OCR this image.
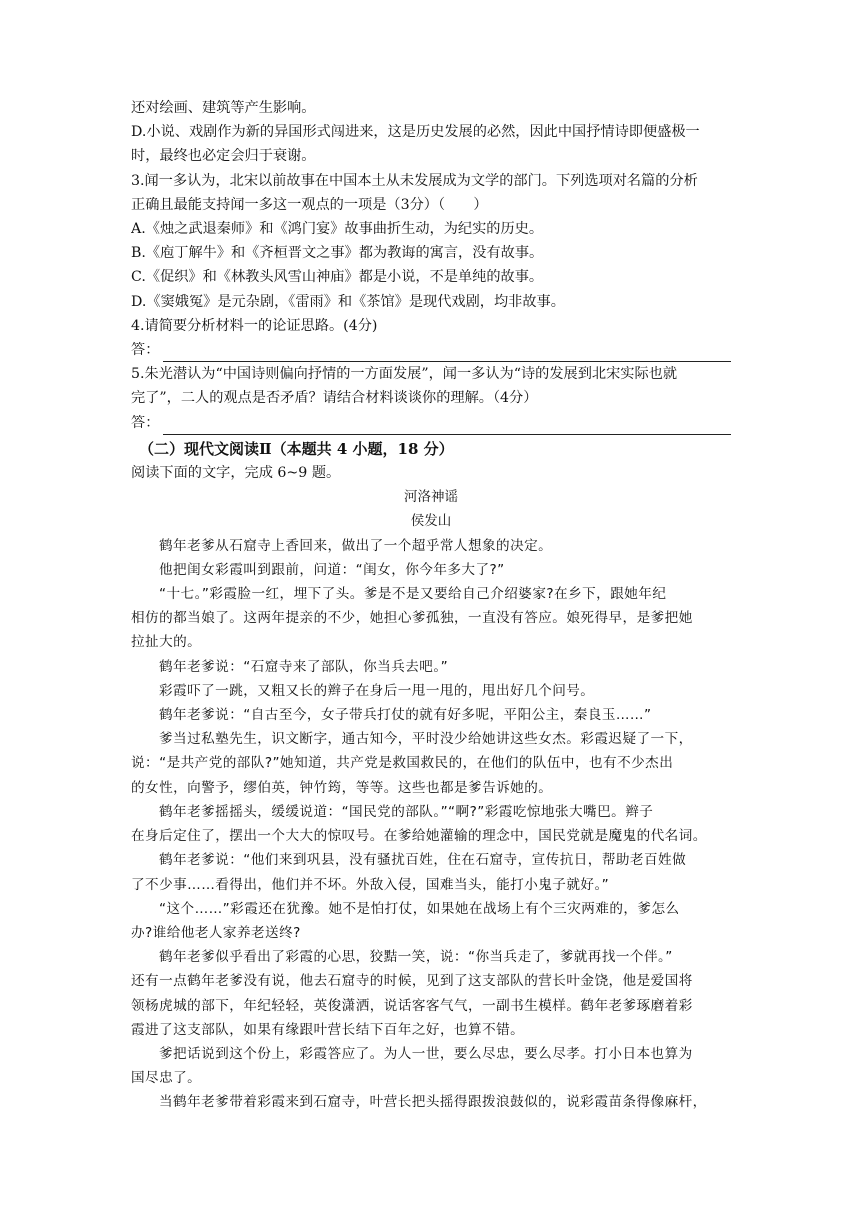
还对绘画、建筑等产生影响。
D.小说、戏剧作为新的异国形式闯进来，这是历史发展的必然，因此中国抒情诗即便盛极一
时，最终也必定会归于衰谢。
3.闻一多认为，北宋以前故事在中国本土从未发展成为文学的部门。下列选项对名篇的分析
正确且最能支持闻一多这一观点的一项是（3分）（　　）
A.《烛之武退秦师》和《鸿门宴》故事曲折生动，为纪实的历史。
B.《庖丁解牛》和《齐桓晋文之事》都为教诲的寓言，没有故事。
C.《促织》和《林教头风雪山神庙》都是小说，不是单纯的故事。
D.《窦娥冤》是元杂剧，《雷雨》和《茶馆》是现代戏剧，均非故事。
4.请简要分析材料一的论证思路。(4分)
答：
5.朱光潜认为“中国诗则偏向抒情的一方面发展”，闻一多认为“诗的发展到北宋实际也就
完了”，二人的观点是否矛盾？请结合材料谈谈你的理解。（4分）
答：
（二）现代文阅读Ⅱ（本题共 4 小题，18 分）
阅读下面的文字，完成 6~9 题。
河洛神谣
侯发山
鹤年老爹从石窟寺上香回来，做出了一个超乎常人想象的决定。
他把闺女彩霞叫到跟前，问道：“闺女，你今年多大了?”
“十七。”彩霞脸一红，埋下了头。爹是不是又要给自己介绍婆家?在乡下，跟她年纪
相仿的都当娘了。这两年提亲的不少，她担心爹孤独，一直没有答应。娘死得早，是爹把她
拉扯大的。
鹤年老爹说：“石窟寺来了部队，你当兵去吧。”
彩霞吓了一跳，又粗又长的辫子在身后一甩一甩的，甩出好几个问号。
鹤年老爹说：“自古至今，女子带兵打仗的就有好多呢，平阳公主，秦良玉……”
爹当过私塾先生，识文断字，通古知今，平时没少给她讲这些女杰。彩霞迟疑了一下，
说：“是共产党的部队?”她知道，共产党是救国救民的，在他们的队伍中，也有不少杰出
的女性，向警予，缪伯英，钟竹筠，等等。这些也都是爹告诉她的。
鹤年老爹摇摇头，缓缓说道：“国民党的部队。”“啊?”彩霞吃惊地张大嘴巴。辫子
在身后定住了，摆出一个大大的惊叹号。在爹给她灌输的理念中，国民党就是魔鬼的代名词。
鹤年老爹说：“他们来到巩县，没有骚扰百姓，住在石窟寺，宣传抗日，帮助老百姓做
了不少事……看得出，他们并不坏。外敌入侵，国难当头，能打小鬼子就好。”
“这个……”彩霞还在犹豫。她不是怕打仗，如果她在战场上有个三灾两难的，爹怎么
办?谁给他老人家养老送终?
鹤年老爹似乎看出了彩霞的心思，狡黠一笑，说：“你当兵走了，爹就再找一个伴。”
还有一点鹤年老爹没有说，他去石窟寺的时候，见到了这支部队的营长叶金饶，他是爱国将
领杨虎城的部下，年纪轻轻，英俊潇洒，说话客客气气，一副书生模样。鹤年老爹琢磨着彩
霞进了这支部队，如果有缘跟叶营长结下百年之好，也算不错。
爹把话说到这个份上，彩霞答应了。为人一世，要么尽忠，要么尽孝。打小日本也算为
国尽忠了。
当鹤年老爹带着彩霞来到石窟寺，叶营长把头摇得跟拨浪鼓似的，说彩霞苗条得像麻杆，
